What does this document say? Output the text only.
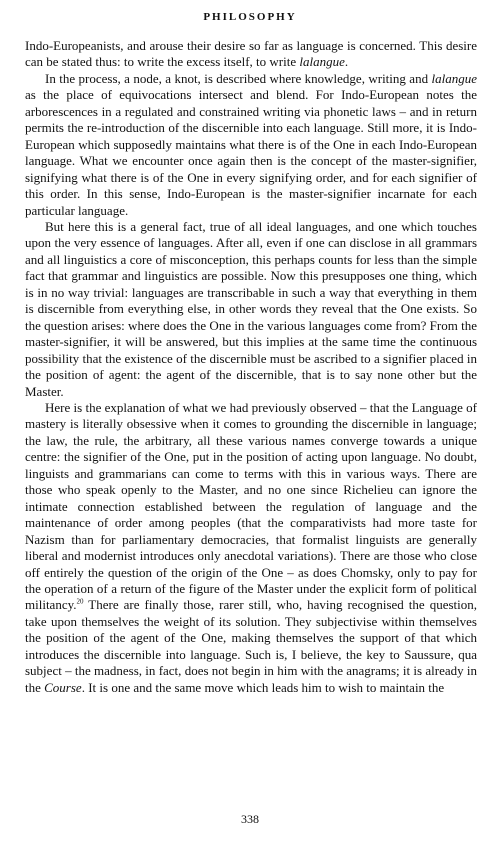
PHILOSOPHY

Indo-Europeanists, and arouse their desire so far as language is concerned. This desire can be stated thus: to write the excess itself, to write lalangue.

In the process, a node, a knot, is described where knowledge, writing and lalangue as the place of equivocations intersect and blend. For Indo-European notes the arborescences in a regulated and constrained writing via phonetic laws – and in return permits the re-introduction of the discernible into each language. Still more, it is Indo-European which supposedly maintains what there is of the One in each Indo-European language. What we encounter once again then is the concept of the master-signifier, signifying what there is of the One in every signifying order, and for each signifier of this order. In this sense, Indo-European is the master-signifier incarnate for each particular language.

But here this is a general fact, true of all ideal languages, and one which touches upon the very essence of languages. After all, even if one can disclose in all grammars and all linguistics a core of misconception, this perhaps counts for less than the simple fact that grammar and linguistics are possible. Now this presupposes one thing, which is in no way trivial: languages are transcribable in such a way that everything in them is discernible from everything else, in other words they reveal that the One exists. So the question arises: where does the One in the various languages come from? From the master-signifier, it will be answered, but this implies at the same time the continuous possibility that the existence of the discernible must be ascribed to a signifier placed in the position of agent: the agent of the discernible, that is to say none other but the Master.

Here is the explanation of what we had previously observed – that the Language of mastery is literally obsessive when it comes to grounding the discernible in language; the law, the rule, the arbitrary, all these various names converge towards a unique centre: the signifier of the One, put in the position of acting upon language. No doubt, linguists and grammarians can come to terms with this in various ways. There are those who speak openly to the Master, and no one since Richelieu can ignore the intimate connection established between the regulation of language and the maintenance of order among peoples (that the comparativists had more taste for Nazism than for parliamentary democracies, that formalist linguists are generally liberal and modernist introduces only anecdotal variations). There are those who close off entirely the question of the origin of the One – as does Chomsky, only to pay for the operation of a return of the figure of the Master under the explicit form of political militancy.$^{20}$ There are finally those, rarer still, who, having recognised the question, take upon themselves the weight of its solution. They subjectivise within themselves the position of the agent of the One, making themselves the support of that which introduces the discernible into language. Such is, I believe, the key to Saussure, qua subject – the madness, in fact, does not begin in him with the anagrams; it is already in the Course. It is one and the same move which leads him to wish to maintain the

338
